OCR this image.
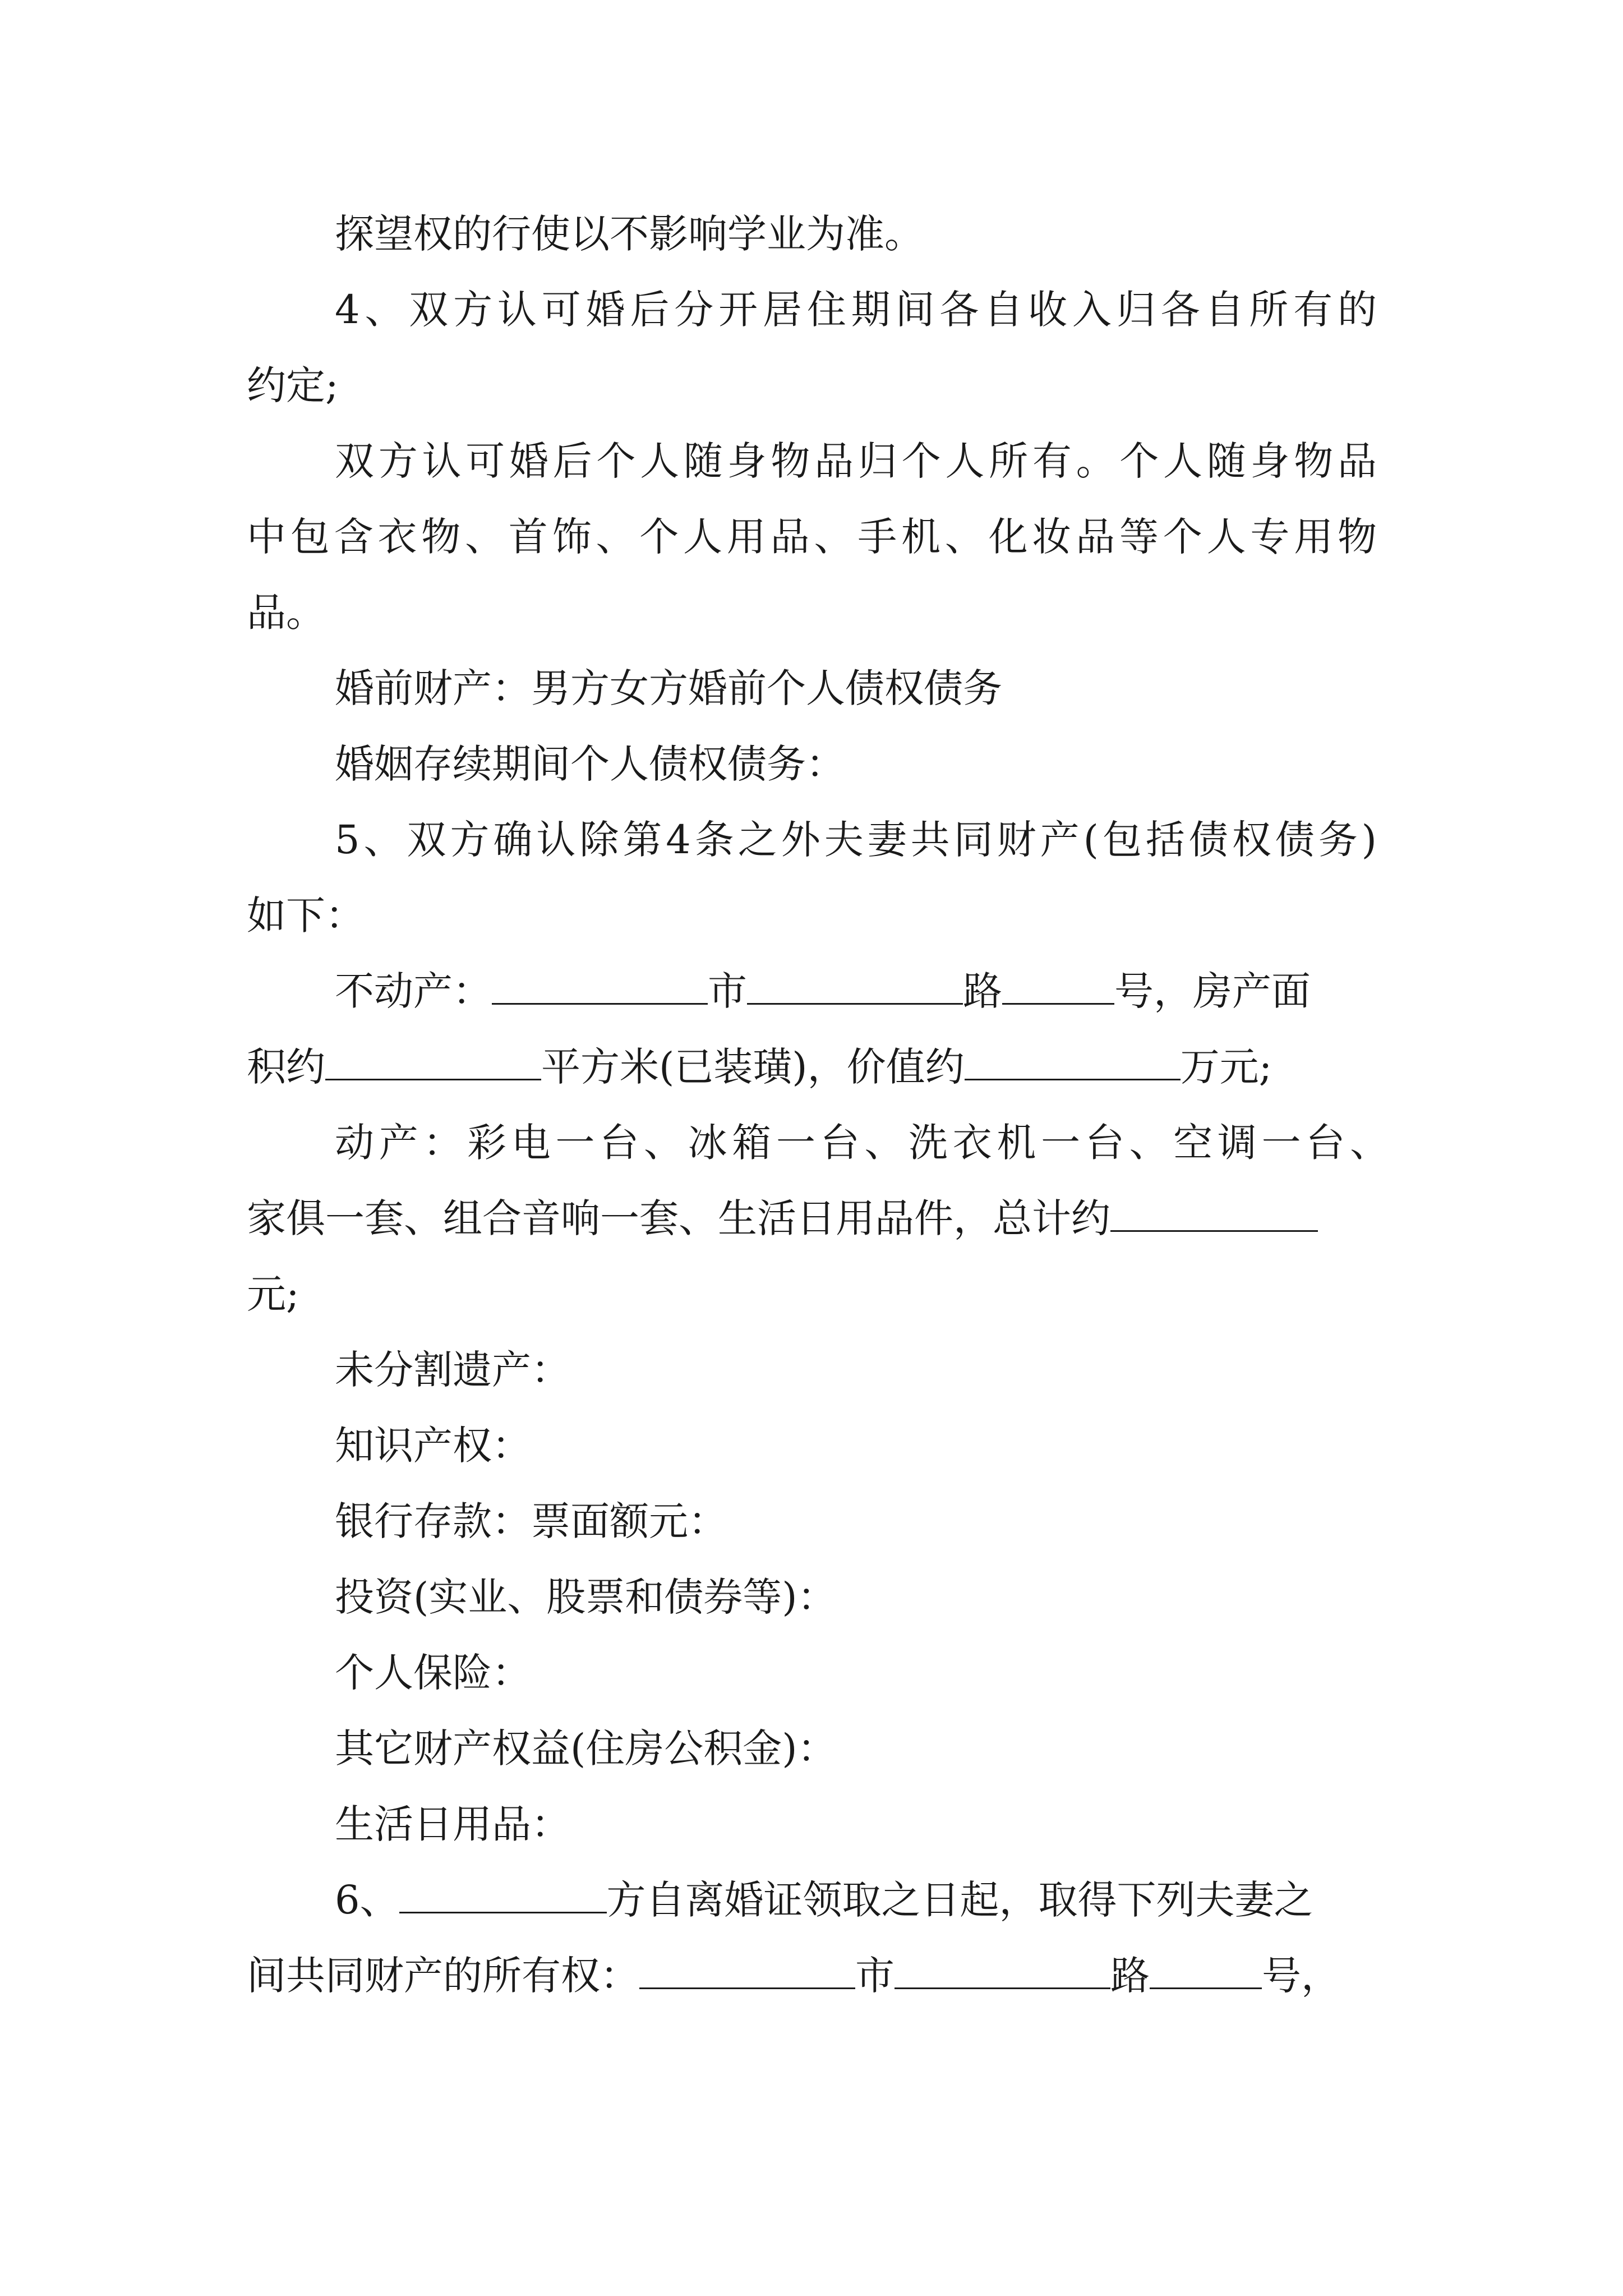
探望权的行使以不影响学业为准。
4、双方认可婚后分开居住期间各自收入归各自所有的
约定;
双方认可婚后个人随身物品归个人所有。个人随身物品
中包含衣物、首饰、个人用品、手机、化妆品等个人专用物
品。
婚前财产：男方女方婚前个人债权债务
婚姻存续期间个人债权债务：
5、双方确认除第4条之外夫妻共同财产(包括债权债务)
如下：
不动产：	市	路	号，房产面
积约	平方米(已装璜)，价值约	万元;
动产：彩电一台、冰箱一台、洗衣机一台、空调一台、
家俱一套、组合音响一套、生活日用品件，总计约
元;
未分割遗产：
知识产权：
银行存款：票面额元：
投资(实业、股票和债券等)：
个人保险：
其它财产权益(住房公积金)：
生活日用品：
6、	方自离婚证领取之日起，取得下列夫妻之
间共同财产的所有权：	市	路	号，
